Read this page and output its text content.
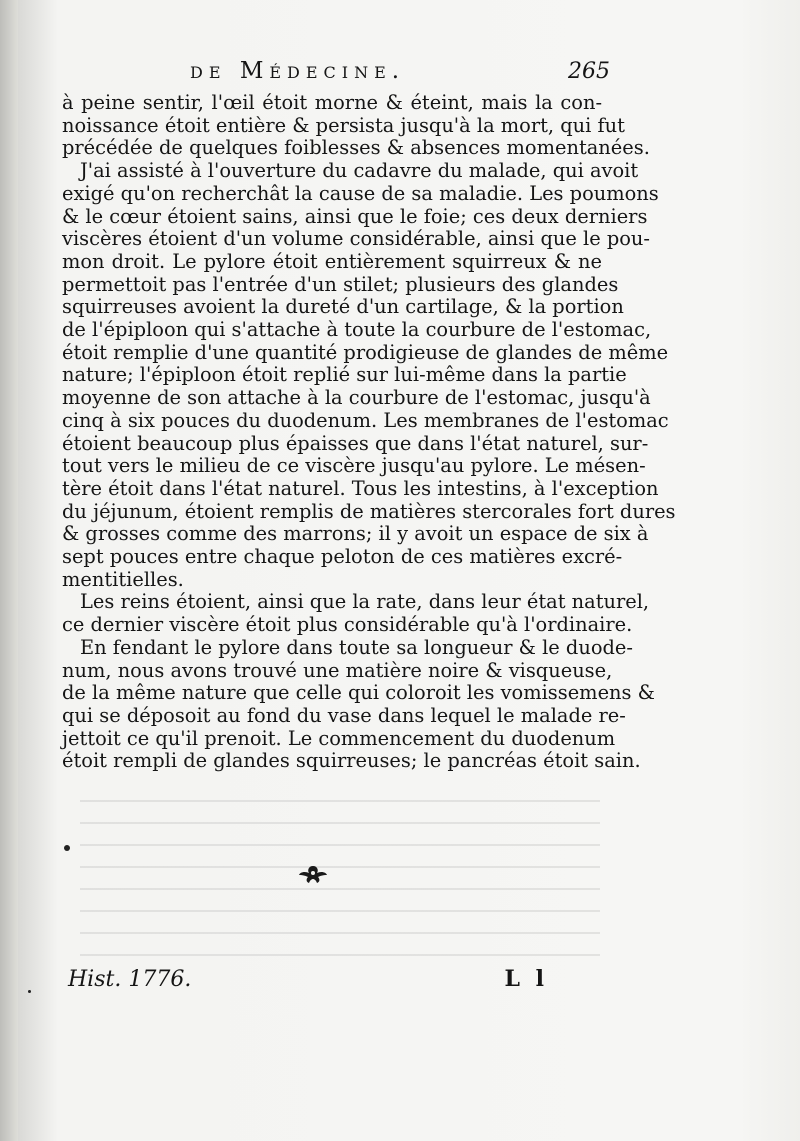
de Médecine.	265
à peine sentir, l'œil étoit morne & éteint, mais la con-
noissance étoit entière & persista jusqu'à la mort, qui fut
précédée de quelques foiblesses & absences momentanées.
J'ai assisté à l'ouverture du cadavre du malade, qui avoit
exigé qu'on recherchât la cause de sa maladie. Les poumons
& le cœur étoient sains, ainsi que le foie; ces deux derniers
viscères étoient d'un volume considérable, ainsi que le pou-
mon droit. Le pylore étoit entièrement squirreux & ne
permettoit pas l'entrée d'un stilet; plusieurs des glandes
squirreuses avoient la dureté d'un cartilage, & la portion
de l'épiploon qui s'attache à toute la courbure de l'estomac,
étoit remplie d'une quantité prodigieuse de glandes de même
nature; l'épiploon étoit replié sur lui-même dans la partie
moyenne de son attache à la courbure de l'estomac, jusqu'à
cinq à six pouces du duodenum. Les membranes de l'estomac
étoient beaucoup plus épaisses que dans l'état naturel, sur-
tout vers le milieu de ce viscère jusqu'au pylore. Le mésen-
tère étoit dans l'état naturel. Tous les intestins, à l'exception
du jéjunum, étoient remplis de matières stercorales fort dures
& grosses comme des marrons; il y avoit un espace de six à
sept pouces entre chaque peloton de ces matières excré-
mentitielles.
Les reins étoient, ainsi que la rate, dans leur état naturel,
ce dernier viscère étoit plus considérable qu'à l'ordinaire.
En fendant le pylore dans toute sa longueur & le duode-
num, nous avons trouvé une matière noire & visqueuse,
de la même nature que celle qui coloroit les vomissemens &
qui se déposoit au fond du vase dans lequel le malade re-
jettoit ce qu'il prenoit. Le commencement du duodenum
étoit rempli de glandes squirreuses; le pancréas étoit sain.
Hist. 1776.	L l
